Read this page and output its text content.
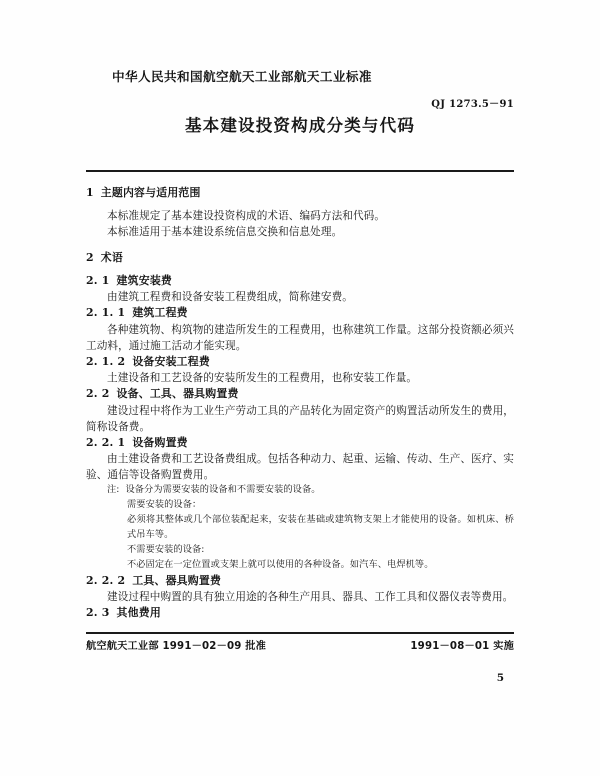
中华人民共和国航空航天工业部航天工业标准
QJ 1273.5－91
基本建设投资构成分类与代码
1 主题内容与适用范围

本标准规定了基本建设投资构成的术语、编码方法和代码。

本标准适用于基本建设系统信息交换和信息处理。

2 术语
2. 1 建筑安装费

由建筑工程费和设备安装工程费组成，简称建安费。

2. 1. 1 建筑工程费

各种建筑物、构筑物的建造所发生的工程费用，也称建筑工作量。这部分投资额必须兴工动料，通过施工活动才能实现。

2. 1. 2 设备安装工程费

土建设备和工艺设备的安装所发生的工程费用，也称安装工作量。

2. 2 设备、工具、器具购置费

建设过程中将作为工业生产劳动工具的产品转化为固定资产的购置活动所发生的费用，简称设备费。

2. 2. 1 设备购置费

由土建设备费和工艺设备费组成。包括各种动力、起重、运输、传动、生产、医疗、实验、通信等设备购置费用。

注: 设备分为需要安装的设备和不需要安装的设备。
需要安装的设备：
必须将其整体或几个部位装配起来，安装在基础或建筑物支架上才能使用的设备。如机床、桥式吊车等。
不需要安装的设备:
不必固定在一定位置或支架上就可以使用的各种设备。如汽车、电焊机等。
2. 2. 2 工具、器具购置费

建设过程中购置的具有独立用途的各种生产用具、器具、工作工具和仪器仪表等费用。

2. 3 其他费用
航空航天工业部 1991－02－09 批准	1991－08－01 实施
5
